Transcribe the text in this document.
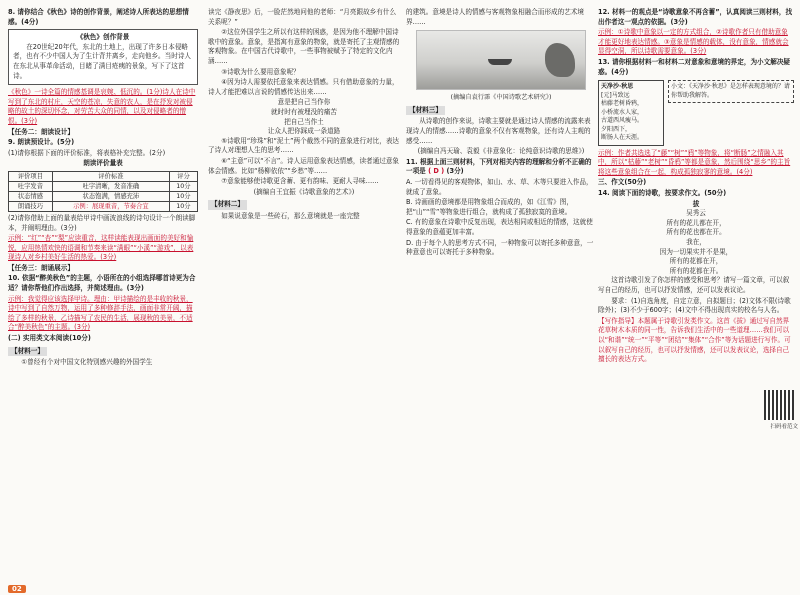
8. 请你结合《秋色》诗的创作背景，阐述诗人所表达的思想情感。(4分)

《秋色》创作背景
在20世纪20年代，东北的土地上，出现了许多日本侵略者，也有不少中国人为了生计背井离乡，走向他乡。当时诗人在东北从事革命活动，目睹了满目疮痍的景象，写下了这首诗。

《秋色》一诗全篇的情感基调是哀婉、低沉的。(1分)诗人在诗中写到了东北的村庄，天空的苍凉，失意的农人，是在抒发对被侵略的故土的深切怀念，对劳苦大众的同情，以及对侵略者的憎恨。(3分)

【任务二：朗读设计】

9. 朗读预设计。(5分)

(1)请你根据下面的评价标准，将表格补充完整。(2分)

朗读评价量表
评价项目	评价标准	评分
吐字发音	吐字清晰，发音准确	10分
状态情感	状态饱满，情感充沛	10分
朗诵技巧	示例：展现重音，节奏合宜	10分

(2)请你借助上面的量表给甲诗中画波浪线的诗句设计一个朗读脚本，并阐明理由。(3分)

示例：“红”“杏”“梨”应读重音，这样读能表现出画面的美好和愉悦，应用热情欢快的语调和节奏来读“满眼”“小溪”“游戏”，以表现诗人对乡村美好生活的热爱。(3分)

【任务三：朗诵展示】

10. 依据“醉美秋色”的主题，小语所在的小组选择哪首诗更为合适？请你帮他们作出选择，并简述理由。(3分)

示例：我觉得应该选择甲诗。理由：甲诗描绘的是丰收的秋景，诗中写到了自然万物，运用了多种修辞手法，画面非常开阔，描绘了多样的秋景，乙诗描写了农民的生活，展现秋的美景，不适合“醉美秋色”的主题。(3分)

(二) 实用类文本阅读(10分)

【材料一】

①曾经有个对中国文化特别感兴趣的外国学生

读完《静夜思》后，一脸茫然地问他的老师：“月亮跟故乡有什么关系呢？”

②这位外国学生之所以有这样的困惑，是因为他不理解中国诗歌中的意象。意象，是指寓有意象的物象，就是寄托了主观情感的客观物象。在中国古代诗歌中，一些事物被赋予了特定的文化内涵……

③诗歌为什么要用意象呢？

④因为诗人需要依托意象来表达情感。只有借助意象的力量，诗人才能把难以言说的情感传达出来……

意是把自己当作你
就时时有被埋没的痛苦
把自己当作土
让众人把你踩成一条道路

⑤诗歌用“珍珠”和“泥土”两个截然不同的意象进行对比，表达了诗人对理想人生的思考……

⑥“主意”可以“不言”。诗人运用意象表达情感，读者通过意象体会情感。比如“杨柳依依”“乡愁”等……

⑦意象能够使诗歌更含蓄、更有韵味、更耐人寻味……

(摘编自王宜振《诗歌意象的艺术》)

【材料二】

如果说意象是一些砖石，那么意境就是一座完整

的建筑。意境是诗人的情感与客观物象相融合而形成的艺术境界……

(摘编自袁行霈《中国诗歌艺术研究》)

【材料三】

从诗歌的创作来说，诗歌主要就是通过诗人情感的流露来表现诗人的情感……诗歌的意象不仅有客观物象，还有诗人主观的感受……

(摘编自冯天瑜、袁毅《非意象化：论纯意识诗歌的思维》)

11. 根据上面三则材料，下列对相关内容的理解和分析不正确的一项是 ( D ) (3分)

A. 一切看得见的客观物体，如山、水、草、木等只要进入作品，就成了意象。

B. 诗画画的意境都是用物象组合而成的，如《江雪》图，把“山”“雪”等物象进行组合，就构成了孤独寂寞的意境。

C. 有的意象在诗歌中反复出现，表达相同或相近的情感，这就使得意象的意蕴更加丰富。

D. 由于每个人的思考方式不同，一种物象可以寄托多种意意，一种意意也可以寄托于多种物象。

12. 材料一的观点是“诗歌意象不再含蓄”，认真阅读三则材料，找出作者这一观点的依据。(3分)

示例：①诗歌中意象以一定的方式组合，②诗歌作者只有借助意象才能更好地表达情感。③意象是情感的载体，没有意象，情感就会显得空洞，所以诗歌需要意象。(3分)

13. 请你根据材料一和材料二对意象和意境的界定，为小文解决疑惑。(4分)

天净沙·秋思
[元]马致远
枯藤老树昏鸦，
小桥流水人家，
古道西风瘦马。
夕阳西下，
断肠人在天涯。
小文：《天净沙·秋思》是怎样表现意境的？请你帮助我解答。

示例：作者共选选了“藤”“树”“鸦”等物象，将“断肠”之情融入其中，所以“枯藤”“老树”“昏鸦”等都是意象，然后围绕“思乡”的主旨将这些意象组合在一起，构成孤独寂寥的意境。(4分)

三、作文(50分)

14. 阅读下面的诗歌，按要求作文。(50分)

拔
吴秀云
所有的花儿都在开，
所有的花也都在开。
我在，
因为一切果实并不是果，
所有的花都在开，
所有的花都在开。

这首诗歌引发了你怎样的感受和思考？请写一篇文章，可以叙写自己的经历，也可以抒发情感，还可以发表议论。

要求：(1)自选角度，自定立意，自拟题目；(2)文体不限(诗歌除外)；(3)不少于600字；(4)文中不得出现真实的校名与人名。

【写作指导】本题属于诗歌引发类作文。这首《拔》通过写自然界花草树木本质的同一性，告诉我们生活中的一些道理……我们可以以“和谐”“统一”“平等”“团结”“集体”“合作”等为话题进行写作。可以叙写自己的经历，也可以抒发情感，还可以发表议论，选择自己擅长的表达方式。

扫码看范文
02
